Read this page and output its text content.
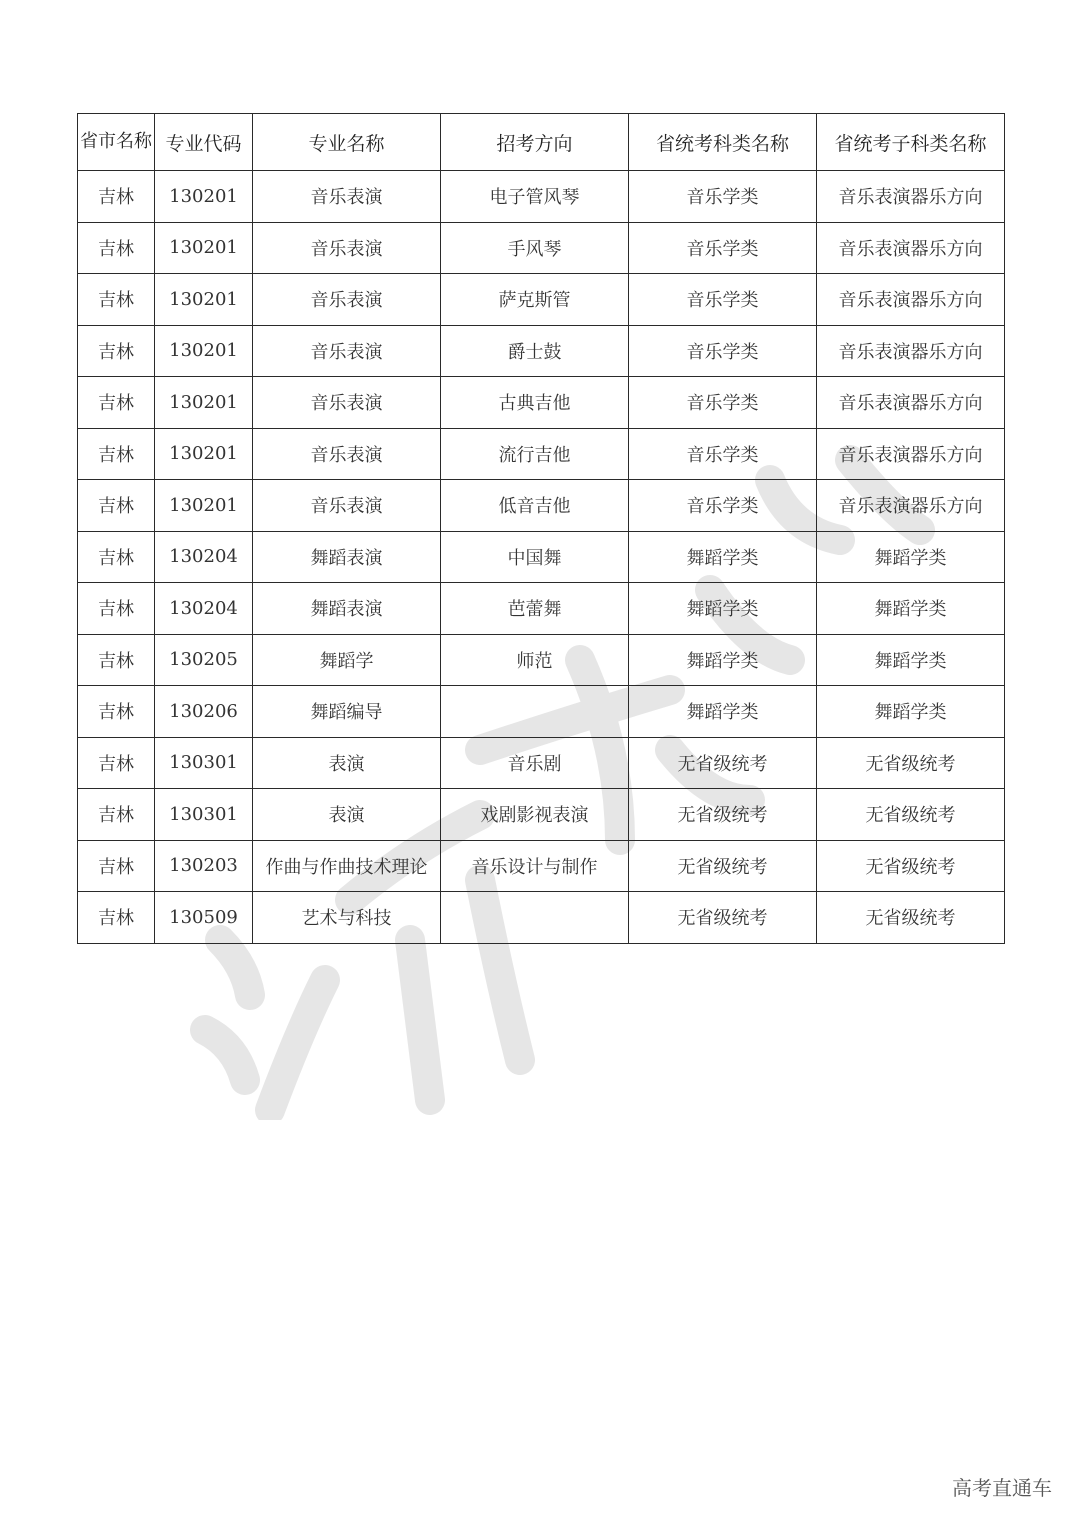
省市名称	专业代码	专业名称	招考方向	省统考科类名称	省统考子科类名称
吉林	130201	音乐表演	电子管风琴	音乐学类	音乐表演器乐方向
吉林	130201	音乐表演	手风琴	音乐学类	音乐表演器乐方向
吉林	130201	音乐表演	萨克斯管	音乐学类	音乐表演器乐方向
吉林	130201	音乐表演	爵士鼓	音乐学类	音乐表演器乐方向
吉林	130201	音乐表演	古典吉他	音乐学类	音乐表演器乐方向
吉林	130201	音乐表演	流行吉他	音乐学类	音乐表演器乐方向
吉林	130201	音乐表演	低音吉他	音乐学类	音乐表演器乐方向
吉林	130204	舞蹈表演	中国舞	舞蹈学类	舞蹈学类
吉林	130204	舞蹈表演	芭蕾舞	舞蹈学类	舞蹈学类
吉林	130205	舞蹈学	师范	舞蹈学类	舞蹈学类
吉林	130206	舞蹈编导		舞蹈学类	舞蹈学类
吉林	130301	表演	音乐剧	无省级统考	无省级统考
吉林	130301	表演	戏剧影视表演	无省级统考	无省级统考
吉林	130203	作曲与作曲技术理论	音乐设计与制作	无省级统考	无省级统考
吉林	130509	艺术与科技		无省级统考	无省级统考
高考直通车
